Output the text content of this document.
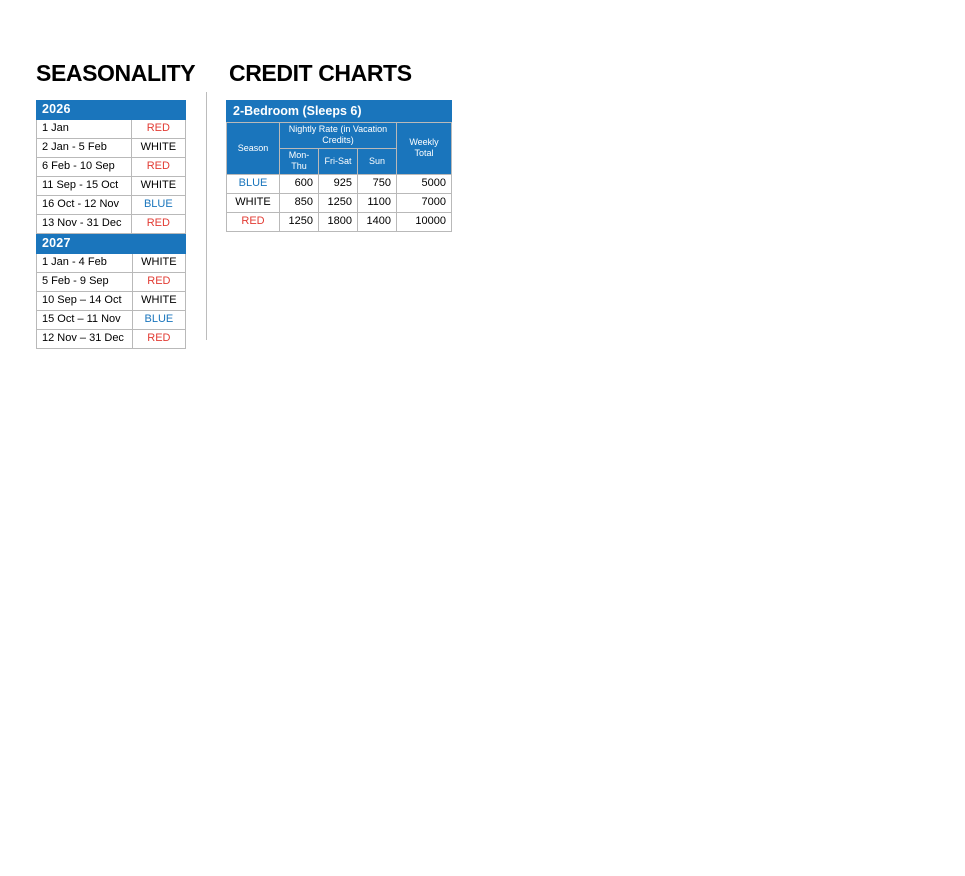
SEASONALITY CREDIT CHARTS
2026	
1 Jan	RED
2 Jan - 5 Feb	WHITE
6 Feb - 10 Sep	RED
11 Sep - 15 Oct	WHITE
16 Oct - 12 Nov	BLUE
13 Nov - 31 Dec	RED
2027	
1 Jan - 4 Feb	WHITE
5 Feb - 9 Sep	RED
10 Sep – 14 Oct	WHITE
15 Oct – 11 Nov	BLUE
12 Nov – 31 Dec	RED
2-Bedroom (Sleeps 6)
Season	Nightly Rate (in Vacation Credits)			Weekly Total
	Mon-Thu	Fri-Sat	Sun	
BLUE	600	925	750	5000
WHITE	850	1250	1100	7000
RED	1250	1800	1400	10000
